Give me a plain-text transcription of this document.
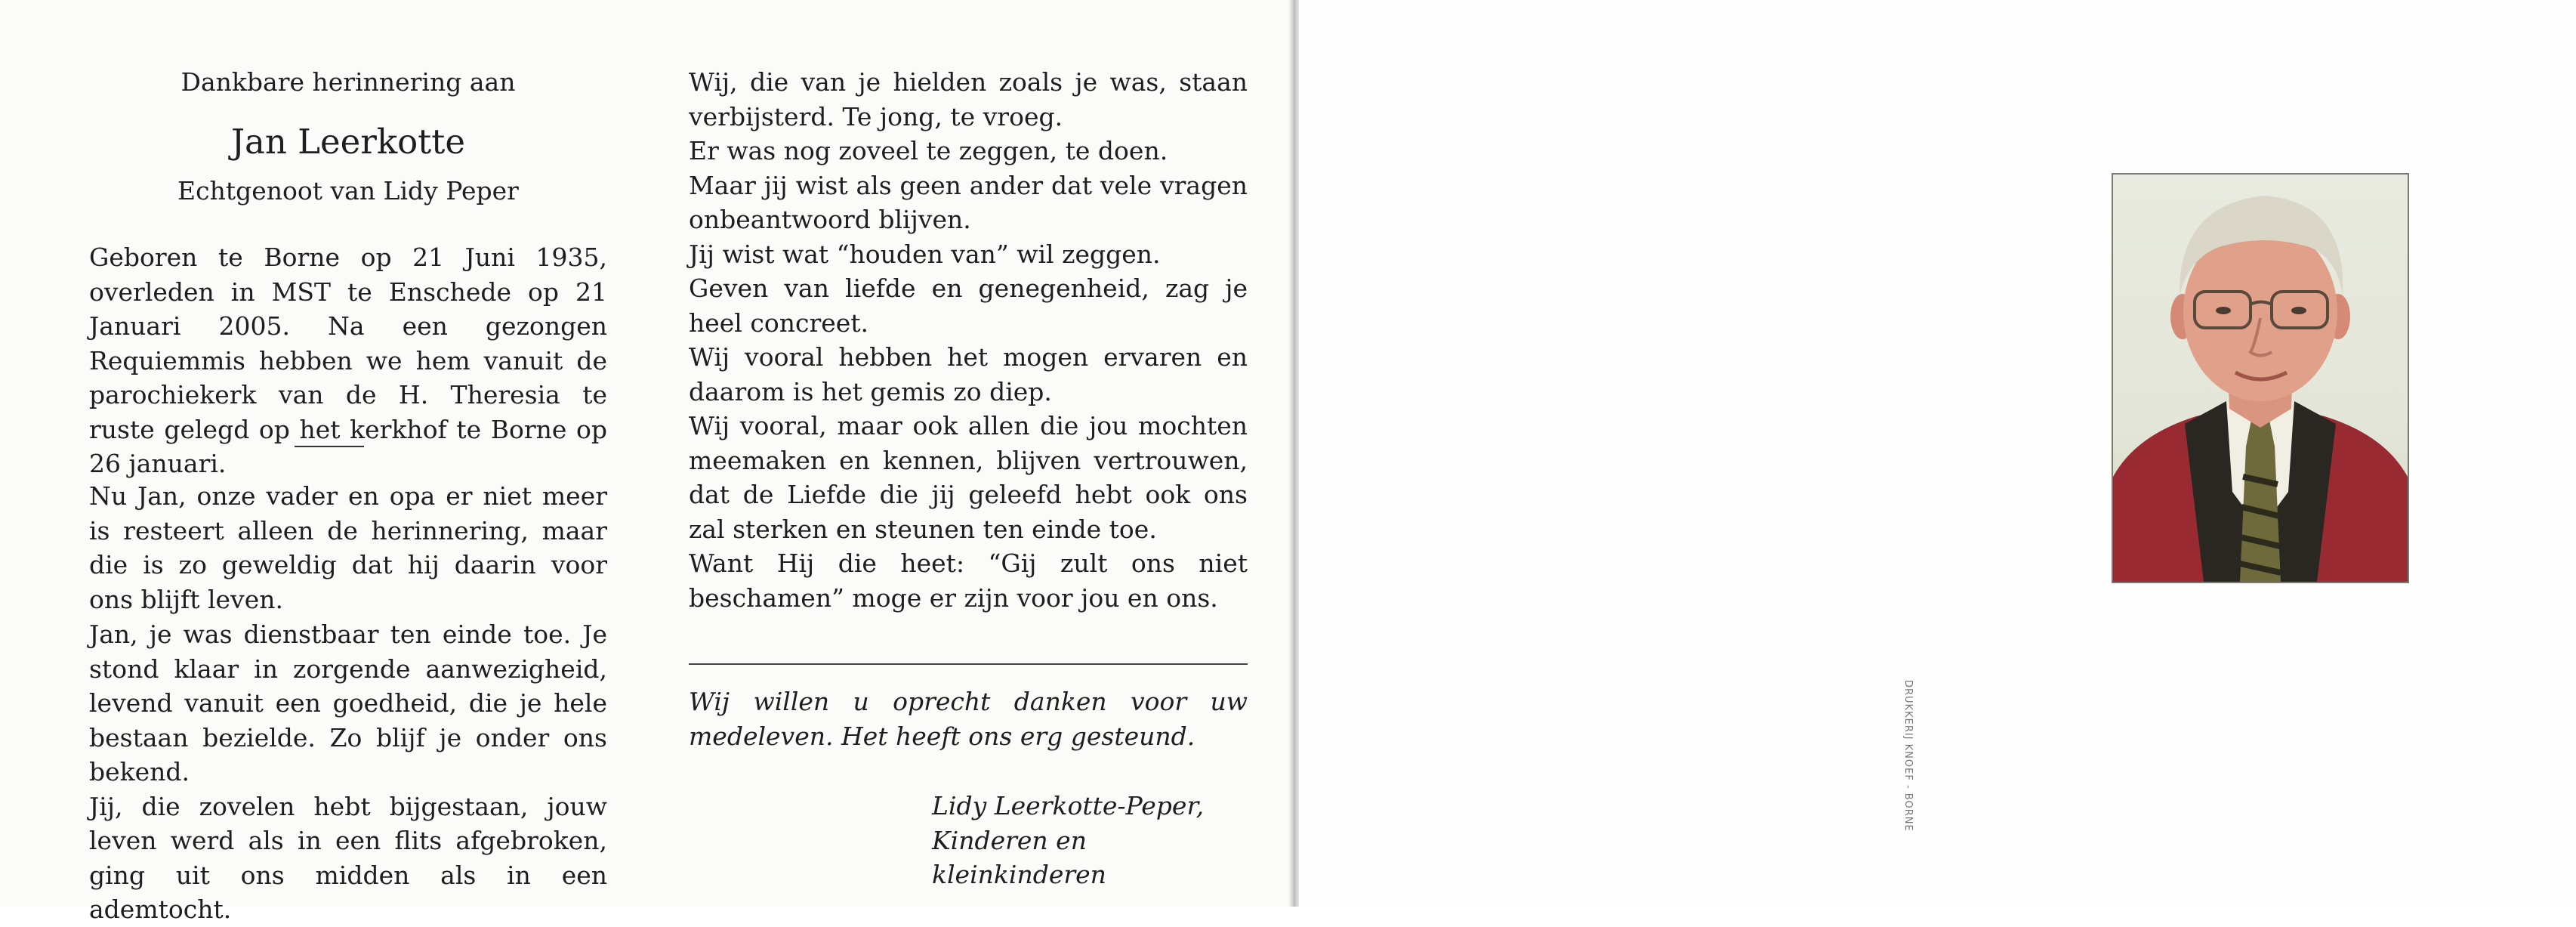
Dankbare herinnering aan

Jan Leerkotte

Echtgenoot van Lidy Peper

Geboren te Borne op 21 Juni 1935, overleden in MST te Enschede op 21 Januari 2005. Na een gezongen Requiemmis hebben we hem vanuit de parochiekerk van de H. Theresia te ruste gelegd op het kerkhof te Borne op 26 januari.

Nu Jan, onze vader en opa er niet meer is resteert alleen de herinnering, maar die is zo geweldig dat hij daarin voor ons blijft leven.

Jan, je was dienstbaar ten einde toe. Je stond klaar in zorgende aanwezigheid, levend vanuit een goedheid, die je hele bestaan bezielde. Zo blijf je onder ons bekend.

Jij, die zovelen hebt bijgestaan, jouw leven werd als in een flits afgebroken, ging uit ons midden als in een ademtocht.

Wij, die van je hielden zoals je was, staan verbijsterd. Te jong, te vroeg.

Er was nog zoveel te zeggen, te doen.

Maar jij wist als geen ander dat vele vragen onbeantwoord blijven.

Jij wist wat “houden van” wil zeggen.

Geven van liefde en genegenheid, zag je heel concreet.

Wij vooral hebben het mogen ervaren en daarom is het gemis zo diep.

Wij vooral, maar ook allen die jou mochten meemaken en kennen, blijven vertrouwen, dat de Liefde die jij geleefd hebt ook ons zal sterken en steunen ten einde toe.

Want Hij die heet: “Gij zult ons niet beschamen” moge er zijn voor jou en ons.

Wij willen u oprecht danken voor uw medeleven. Het heeft ons erg gesteund.

Lidy Leerkotte-Peper,

Kinderen en kleinkinderen

DRUKKERIJ KNOEF - BORNE
